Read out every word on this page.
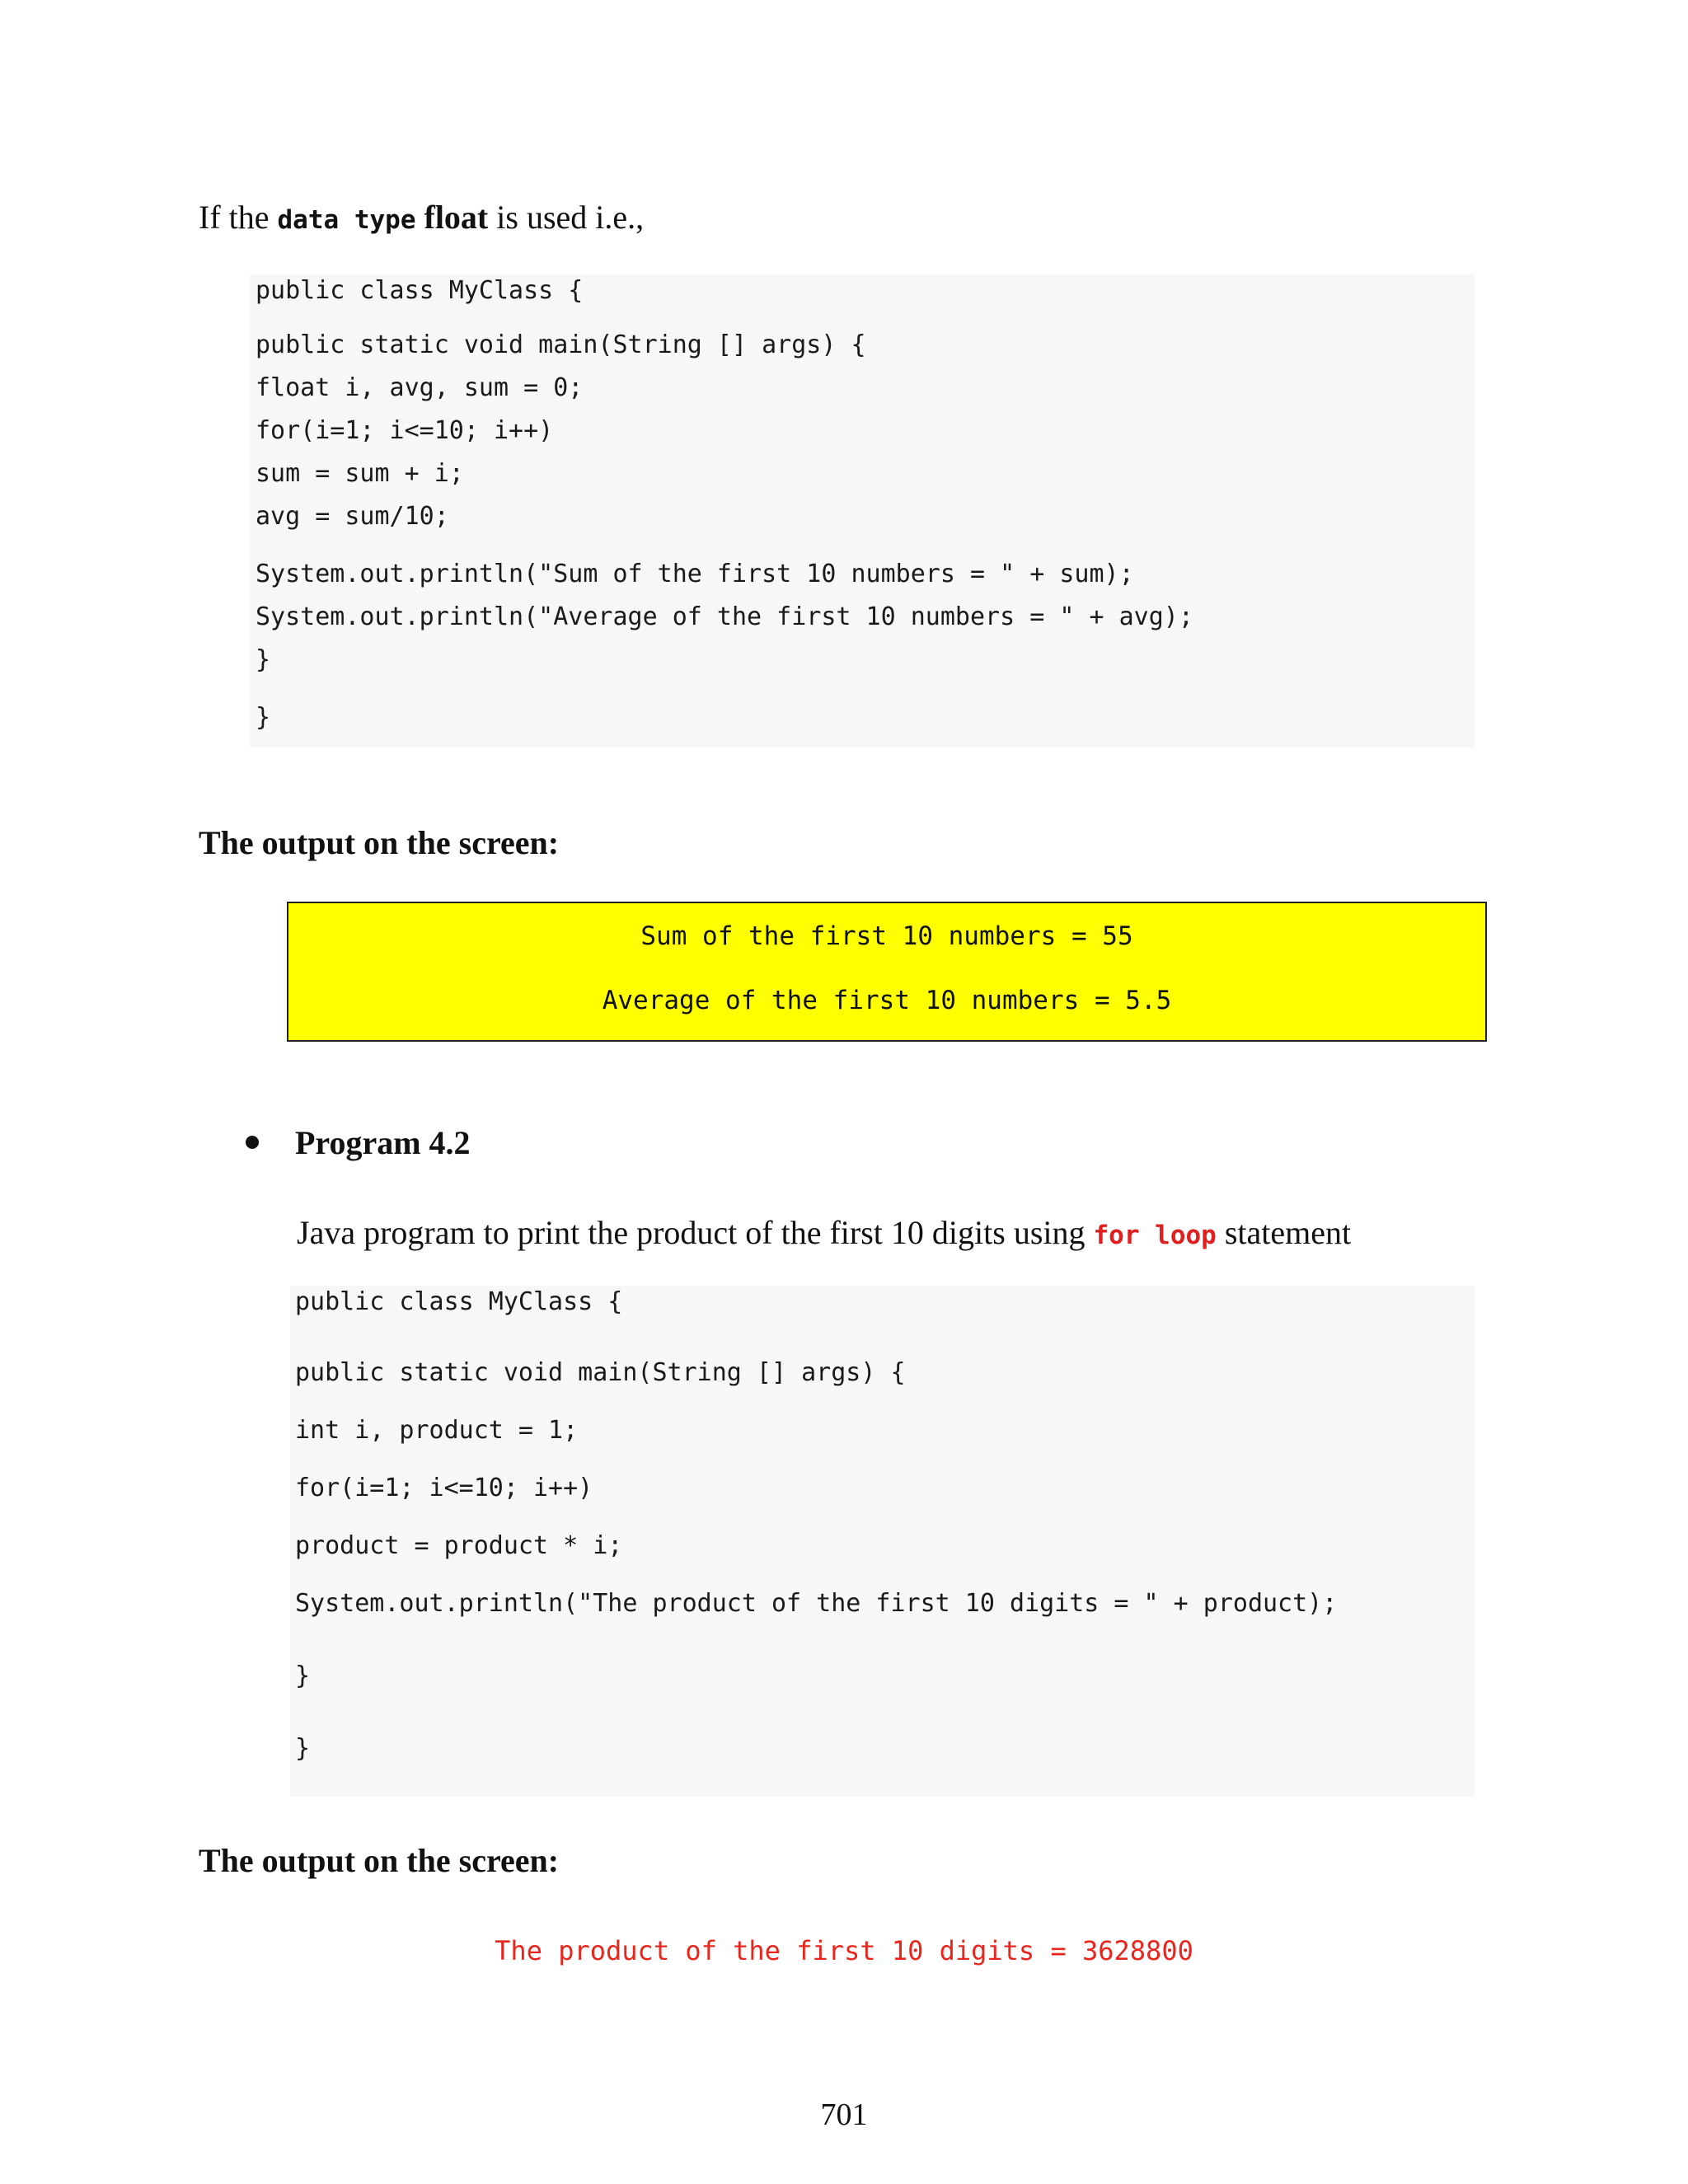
If the data type float is used i.e.,
public class MyClass {
public static void main(String [] args) {
float i, avg, sum = 0;
for(i=1; i<=10; i++)
sum = sum + i;
avg = sum/10;
System.out.println("Sum of the first 10 numbers = " + sum);
System.out.println("Average of the first 10 numbers = " + avg);
}
}
The output on the screen:
Sum of the first 10 numbers = 55
Average of the first 10 numbers = 5.5
Program 4.2
Java program to print the product of the first 10 digits using for loop statement
public class MyClass {
public static void main(String [] args) {
int i, product = 1;
for(i=1; i<=10; i++)
product = product * i;
System.out.println("The product of the first 10 digits = " + product);
}
}
The output on the screen:
The product of the first 10 digits = 3628800
701
